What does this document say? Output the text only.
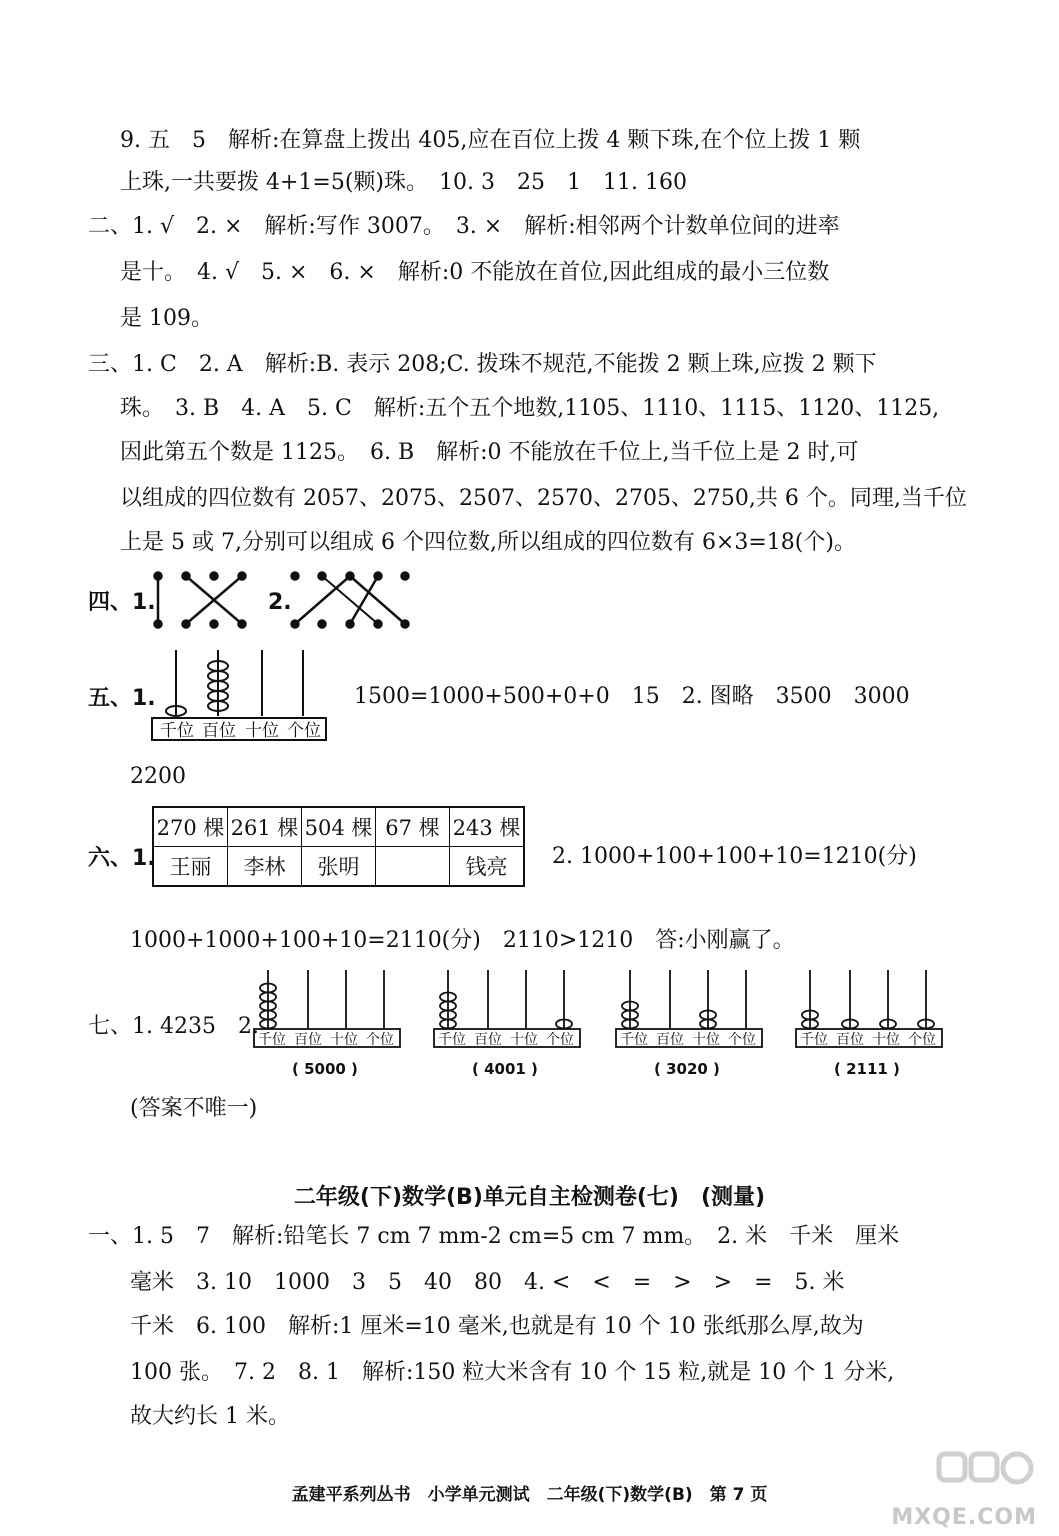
9. 五　5　解析:在算盘上拨出 405,应在百位上拨 4 颗下珠,在个位上拨 1 颗
上珠,一共要拨 4+1=5(颗)珠。　10. 3　25　1　11. 160
二、1. √　2. ×　解析:写作 3007。　3. ×　解析:相邻两个计数单位间的进率
是十。　4. √　5. ×　6. ×　解析:0 不能放在首位,因此组成的最小三位数
是 109。
三、1. C　2. A　解析:B. 表示 208;C. 拨珠不规范,不能拨 2 颗上珠,应拨 2 颗下
珠。　3. B　4. A　5. C　解析:五个五个地数,1105、1110、1115、1120、1125,
因此第五个数是 1125。　6. B　解析:0 不能放在千位上,当千位上是 2 时,可
以组成的四位数有 2057、2075、2507、2570、2705、2750,共 6 个。同理,当千位
上是 5 或 7,分别可以组成 6 个四位数,所以组成的四位数有 6×3=18(个)。
四、1.	2.
五、1.
千位 百位 十位 个位
1500=1000+500+0+0　15　2. 图略　3500　3000
2200
六、1.
270 棵	261 棵	504 棵	67 棵	243 棵
王丽	李林	张明		钱亮 2. 1000+100+100+10=1210(分)
1000+1000+100+10=2110(分)　2110>1210　答:小刚赢了。
七、1. 4235　2.
千位 百位 十位 个位	千位 百位 十位 个位	千位 百位 十位 个位	千位 百位 十位 个位
( 5000 )	( 4001 )	( 3020 )	( 2111 )
(答案不唯一)
二年级(下)数学(B)单元自主检测卷(七)　(测量)
一、1. 5　7　解析:铅笔长 7 cm 7 mm-2 cm=5 cm 7 mm。　2. 米　千米　厘米
毫米　3. 10　1000　3　5　40　80　4. <　<　=　>　>　=　5. 米
千米　6. 100　解析:1 厘米=10 毫米,也就是有 10 个 10 张纸那么厚,故为
100 张。　7. 2　8. 1　解析:150 粒大米含有 10 个 15 粒,就是 10 个 1 分米,
故大约长 1 米。
孟建平系列丛书　小学单元测试　二年级(下)数学(B)　第 7 页
MXQE.COM
